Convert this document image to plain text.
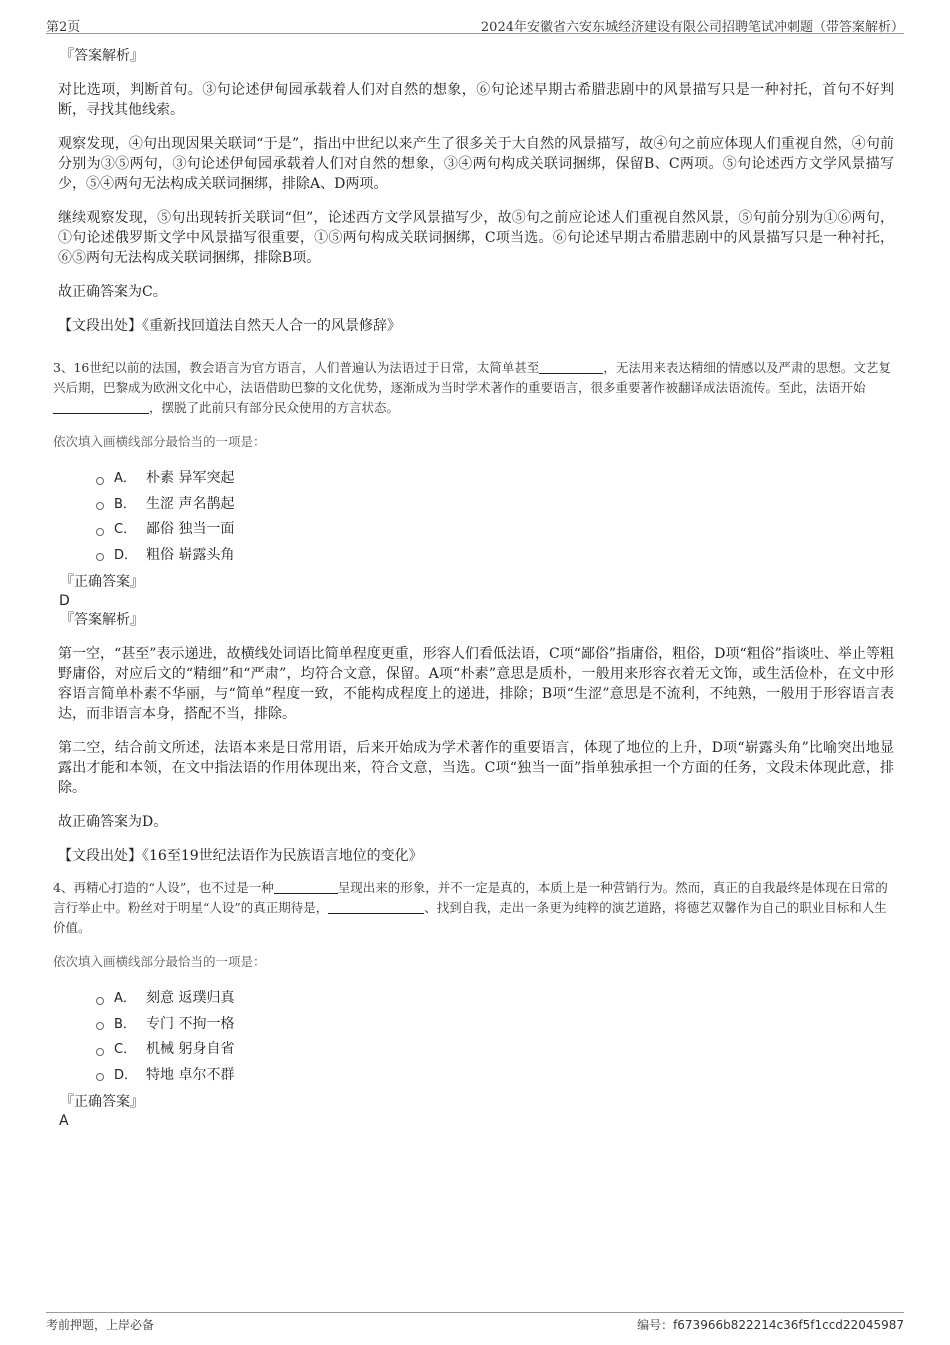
第2页	2024年安徽省六安东城经济建设有限公司招聘笔试冲刺题（带答案解析）
『答案解析』

对比选项，判断首句。③句论述伊甸园承载着人们对自然的想象，⑥句论述早期古希腊悲剧中的风景描写只是一种衬托，首句不好判断，寻找其他线索。

观察发现，④句出现因果关联词“于是”，指出中世纪以来产生了很多关于大自然的风景描写，故④句之前应体现人们重视自然，④句前分别为③⑤两句，③句论述伊甸园承载着人们对自然的想象，③④两句构成关联词捆绑，保留B、C两项。⑤句论述西方文学风景描写少，⑤④两句无法构成关联词捆绑，排除A、D两项。

继续观察发现，⑤句出现转折关联词“但”，论述西方文学风景描写少，故⑤句之前应论述人们重视自然风景，⑤句前分别为①⑥两句，①句论述俄罗斯文学中风景描写很重要，①⑤两句构成关联词捆绑，C项当选。⑥句论述早期古希腊悲剧中的风景描写只是一种衬托，⑥⑤两句无法构成关联词捆绑，排除B项。

故正确答案为C。

【文段出处】《重新找回道法自然天人合一的风景修辞》

3、16世纪以前的法国，教会语言为官方语言，人们普遍认为法语过于日常，太简单甚至	，无法用来表达精细的情感以及严肃的思想。文艺复兴后期，巴黎成为欧洲文化中心，法语借助巴黎的文化优势，逐渐成为当时学术著作的重要语言，很多重要著作被翻译成法语流传。至此，法语开始，摆脱了此前只有部分民众使用的方言状态。

依次填入画横线部分最恰当的一项是：
A． 朴素 异军突起
B． 生涩 声名鹊起
C． 鄙俗 独当一面
D． 粗俗 崭露头角
『正确答案』
D
『答案解析』

第一空，“甚至”表示递进，故横线处词语比简单程度更重，形容人们看低法语，C项“鄙俗”指庸俗，粗俗，D项“粗俗”指谈吐、举止等粗野庸俗，对应后文的“精细”和“严肃”，均符合文意，保留。A项“朴素”意思是质朴，一般用来形容衣着无文饰，或生活俭朴，在文中形容语言简单朴素不华丽，与“简单”程度一致，不能构成程度上的递进，排除；B项“生涩”意思是不流利，不纯熟，一般用于形容语言表达，而非语言本身，搭配不当，排除。

第二空，结合前文所述，法语本来是日常用语，后来开始成为学术著作的重要语言，体现了地位的上升，D项“崭露头角”比喻突出地显露出才能和本领，在文中指法语的作用体现出来，符合文意，当选。C项“独当一面”指单独承担一个方面的任务，文段未体现此意，排除。

故正确答案为D。

【文段出处】《16至19世纪法语作为民族语言地位的变化》

4、再精心打造的“人设”，也不过是一种	呈现出来的形象，并不一定是真的，本质上是一种营销行为。然而，真正的自我最终是体现在日常的言行举止中。粉丝对于明星“人设”的真正期待是，	、找到自我，走出一条更为纯粹的演艺道路，将德艺双馨作为自己的职业目标和人生价值。

依次填入画横线部分最恰当的一项是：
A． 刻意 返璞归真
B． 专门 不拘一格
C． 机械 躬身自省
D． 特地 卓尔不群
『正确答案』
A
考前押题，上岸必备	编号：f673966b822214c36f5f1ccd22045987
